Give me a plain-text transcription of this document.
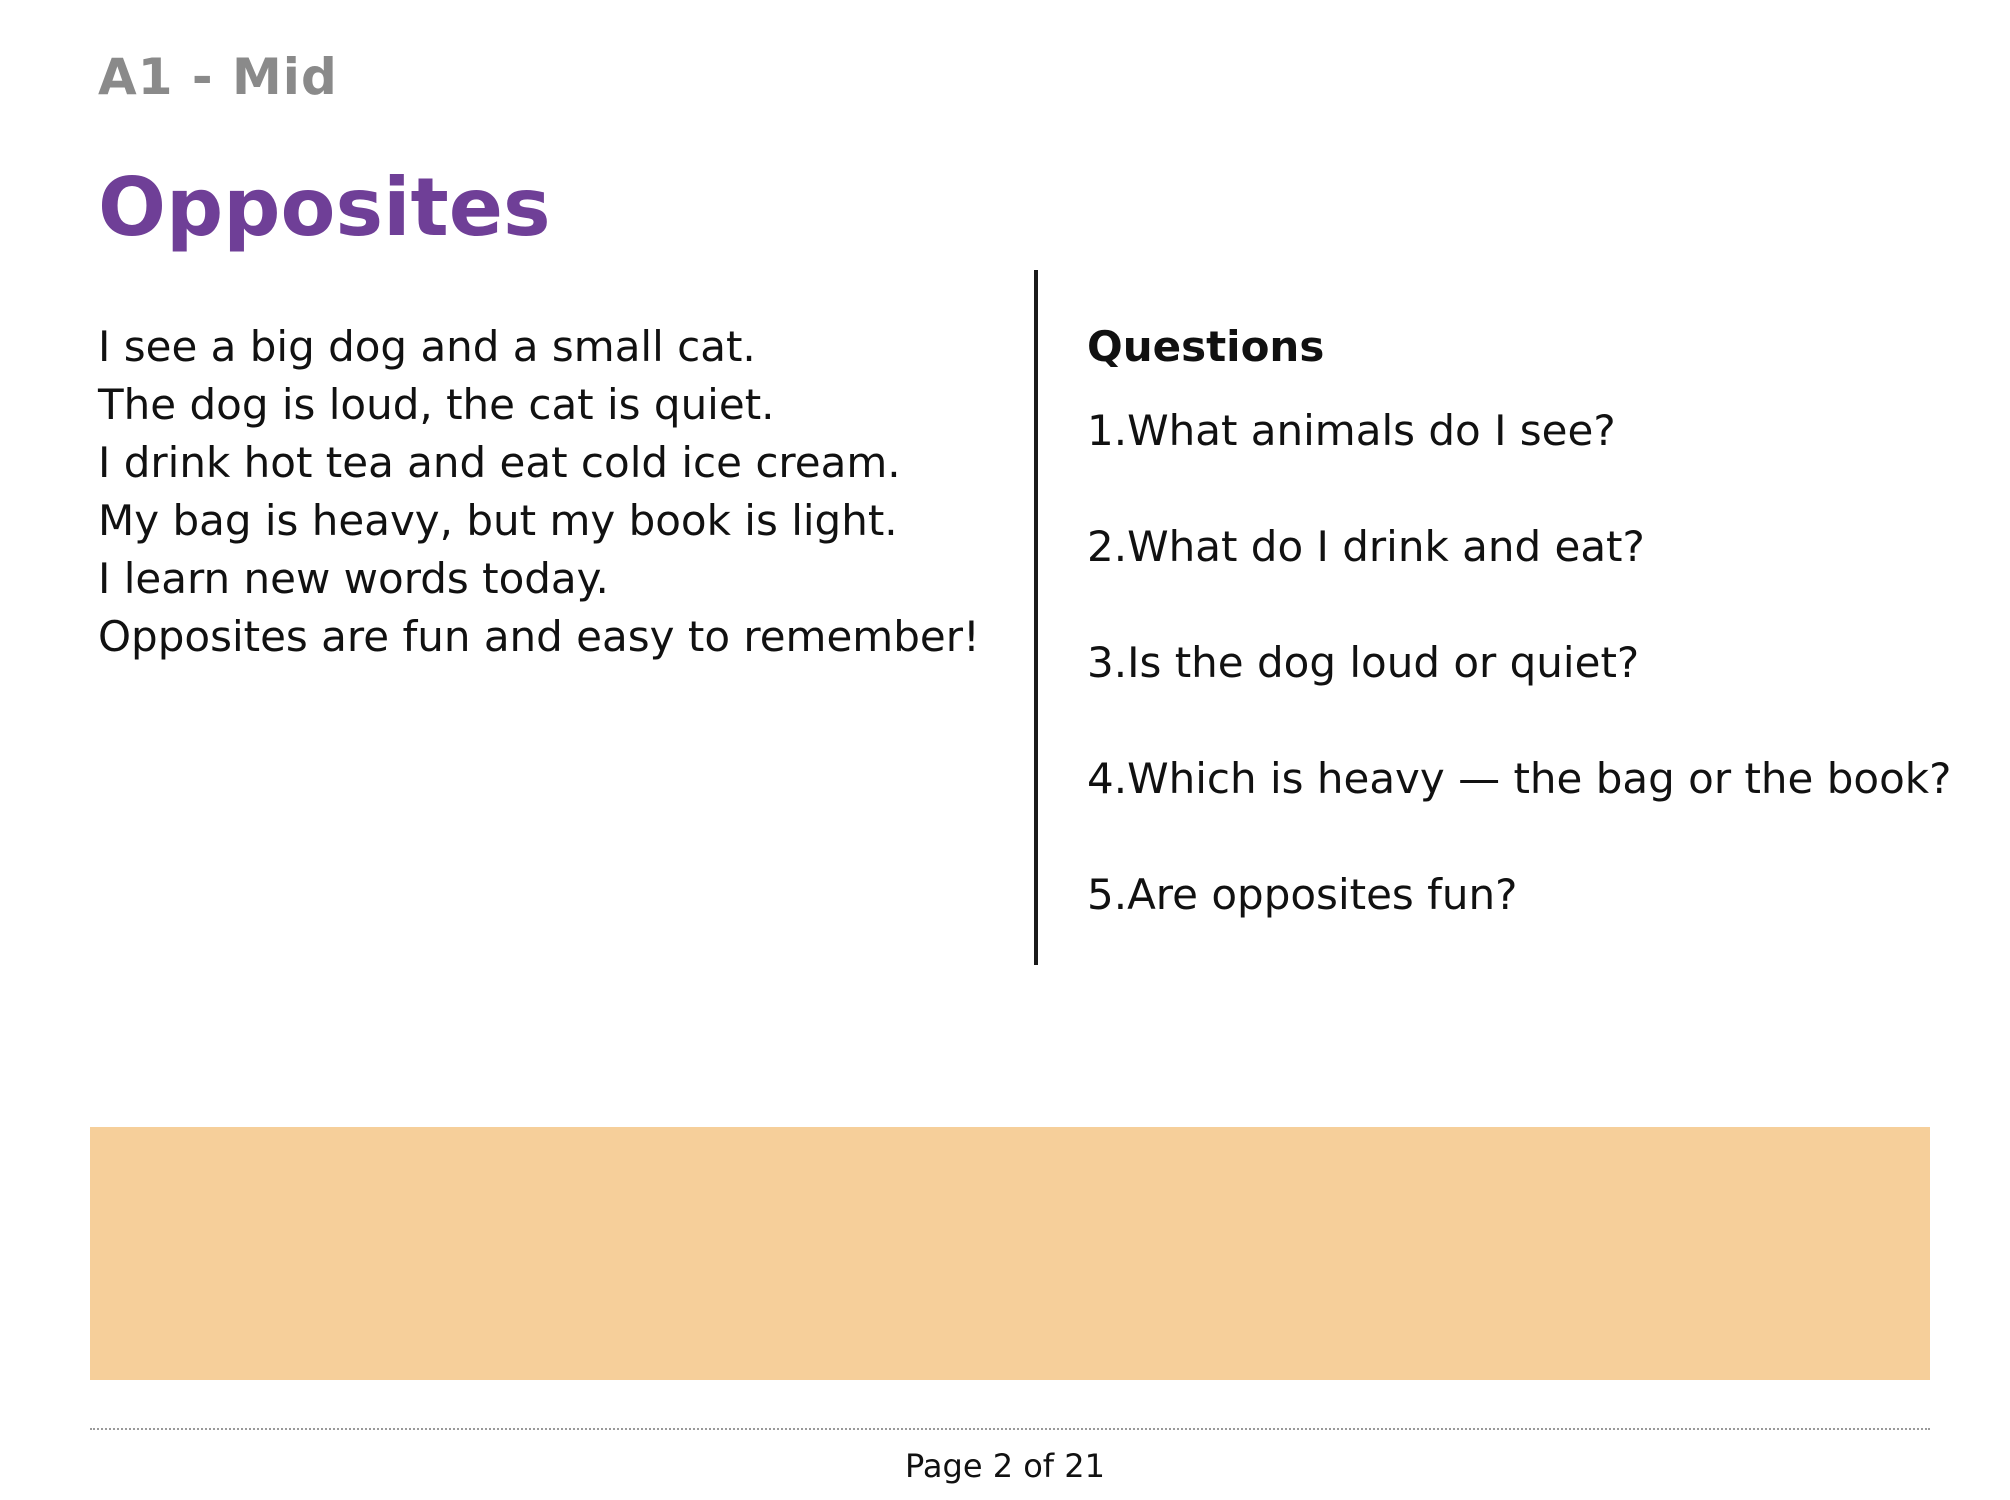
A1 - Mid
Opposites
I see a big dog and a small cat.
The dog is loud, the cat is quiet.
I drink hot tea and eat cold ice cream.
My bag is heavy, but my book is light.
I learn new words today.
Opposites are fun and easy to remember!
Questions
1.What animals do I see?
2.What do I drink and eat?
3.Is the dog loud or quiet?
4.Which is heavy — the bag or the book?
5.Are opposites fun?
Page 2 of 21
